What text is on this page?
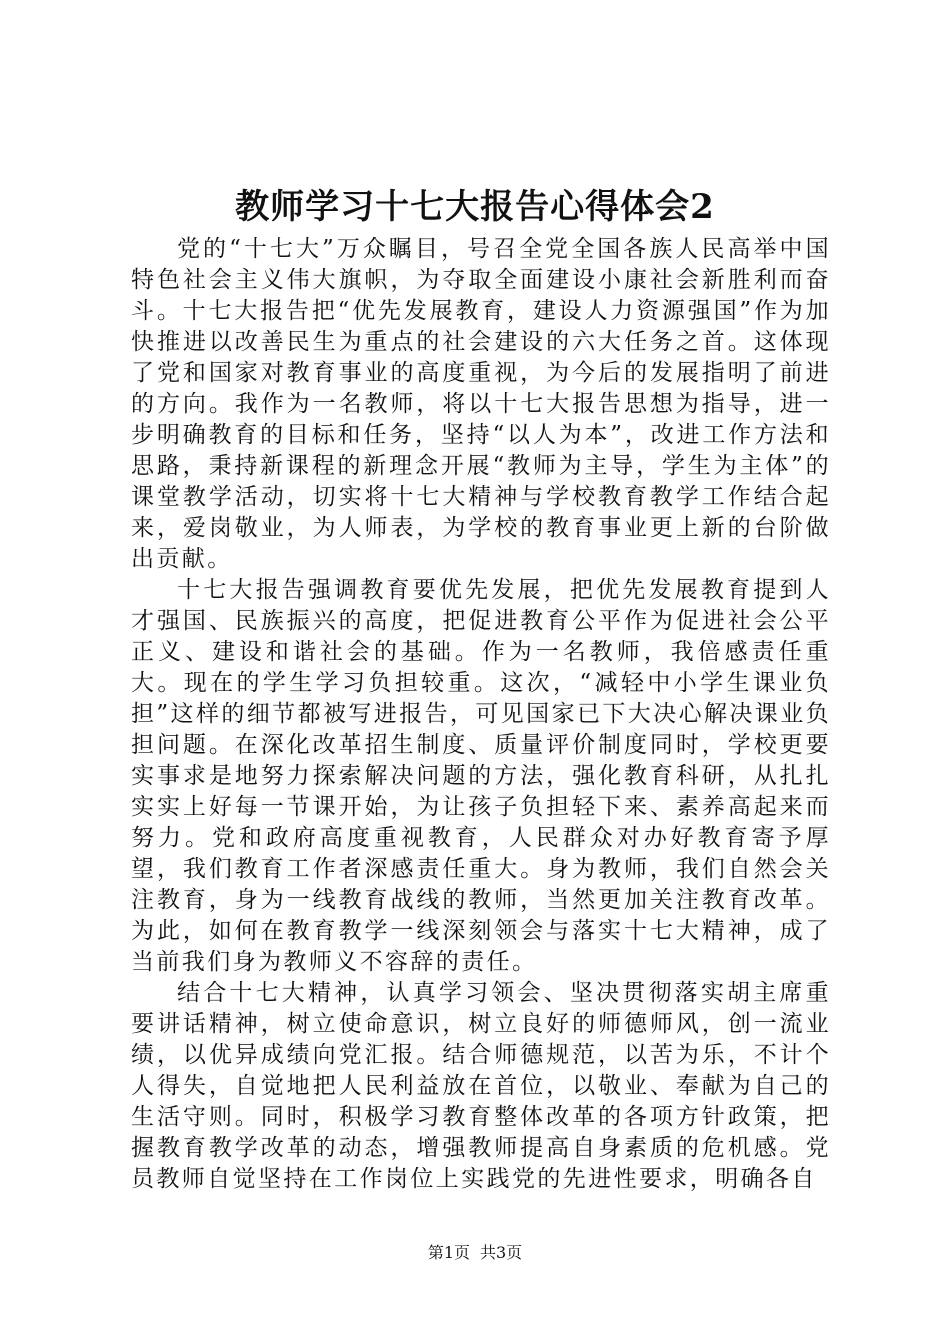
教师学习十七大报告心得体会2

党的“十七大”万众瞩目，号召全党全国各族人民高举中国特色社会主义伟大旗帜，为夺取全面建设小康社会新胜利而奋斗。十七大报告把“优先发展教育，建设人力资源强国”作为加快推进以改善民生为重点的社会建设的六大任务之首。这体现了党和国家对教育事业的高度重视，为今后的发展指明了前进的方向。我作为一名教师，将以十七大报告思想为指导，进一步明确教育的目标和任务，坚持“以人为本”，改进工作方法和思路，秉持新课程的新理念开展“教师为主导，学生为主体”的课堂教学活动，切实将十七大精神与学校教育教学工作结合起来，爱岗敬业，为人师表，为学校的教育事业更上新的台阶做出贡献。

十七大报告强调教育要优先发展，把优先发展教育提到人才强国、民族振兴的高度，把促进教育公平作为促进社会公平正义、建设和谐社会的基础。作为一名教师，我倍感责任重大。现在的学生学习负担较重。这次，“减轻中小学生课业负担”这样的细节都被写进报告，可见国家已下大决心解决课业负担问题。在深化改革招生制度、质量评价制度同时，学校更要实事求是地努力探索解决问题的方法，强化教育科研，从扎扎实实上好每一节课开始，为让孩子负担轻下来、素养高起来而努力。党和政府高度重视教育，人民群众对办好教育寄予厚望，我们教育工作者深感责任重大。身为教师，我们自然会关注教育，身为一线教育战线的教师，当然更加关注教育改革。为此，如何在教育教学一线深刻领会与落实十七大精神，成了当前我们身为教师义不容辞的责任。

结合十七大精神，认真学习领会、坚决贯彻落实胡主席重要讲话精神，树立使命意识，树立良好的师德师风，创一流业绩，以优异成绩向党汇报。结合师德规范，以苦为乐，不计个人得失，自觉地把人民利益放在首位，以敬业、奉献为自己的生活守则。同时，积极学习教育整体改革的各项方针政策，把握教育教学改革的动态，增强教师提高自身素质的危机感。党员教师自觉坚持在工作岗位上实践党的先进性要求，明确各自

第1页 共3页
